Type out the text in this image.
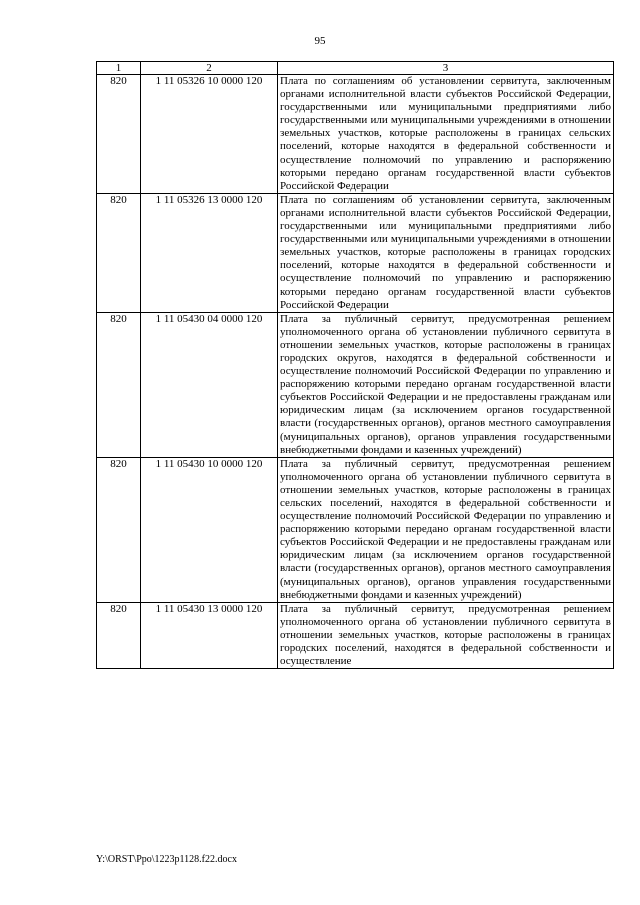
95
1	2	3
820	1 11 05326 10 0000 120	Плата по соглашениям об установлении сервитута, заключенным органами исполнительной власти субъектов Российской Федерации, государственными или муниципальными предприятиями либо государственными или муниципальными учреждениями в отношении земельных участков, которые расположены в границах сельских поселений, которые находятся в федеральной собственности и осуществление полномочий по управлению и распоряжению которыми передано органам государственной власти субъектов Российской Федерации
820	1 11 05326 13 0000 120	Плата по соглашениям об установлении сервитута, заключенным органами исполнительной власти субъектов Российской Федерации, государственными или муниципальными предприятиями либо государственными или муниципальными учреждениями в отношении земельных участков, которые расположены в границах городских поселений, которые находятся в федеральной собственности и осуществление полномочий по управлению и распоряжению которыми передано органам государственной власти субъектов Российской Федерации
820	1 11 05430 04 0000 120	Плата за публичный сервитут, предусмотренная решением уполномоченного органа об установлении публичного сервитута в отношении земельных участков, которые расположены в границах городских округов, находятся в федеральной собственности и осуществление полномочий Российской Федерации по управлению и распоряжению которыми передано органам государственной власти субъектов Российской Федерации и не предоставлены гражданам или юридическим лицам (за исключением органов государственной власти (государственных органов), органов местного самоуправления (муниципальных органов), органов управления государственными внебюджетными фондами и казенных учреждений)
820	1 11 05430 10 0000 120	Плата за публичный сервитут, предусмотренная решением уполномоченного органа об установлении публичного сервитута в отношении земельных участков, которые расположены в границах сельских поселений, находятся в федеральной собственности и осуществление полномочий Российской Федерации по управлению и распоряжению которыми передано органам государственной власти субъектов Российской Федерации и не предоставлены гражданам или юридическим лицам (за исключением органов государственной власти (государственных органов), органов местного самоуправления (муниципальных органов), органов управления государственными внебюджетными фондами и казенных учреждений)
820	1 11 05430 13 0000 120	Плата за публичный сервитут, предусмотренная решением уполномоченного органа об установлении публичного сервитута в отношении земельных участков, которые расположены в границах городских поселений, находятся в федеральной собственности и осуществление
Y:\ORST\Ppo\1223p1128.f22.docx
